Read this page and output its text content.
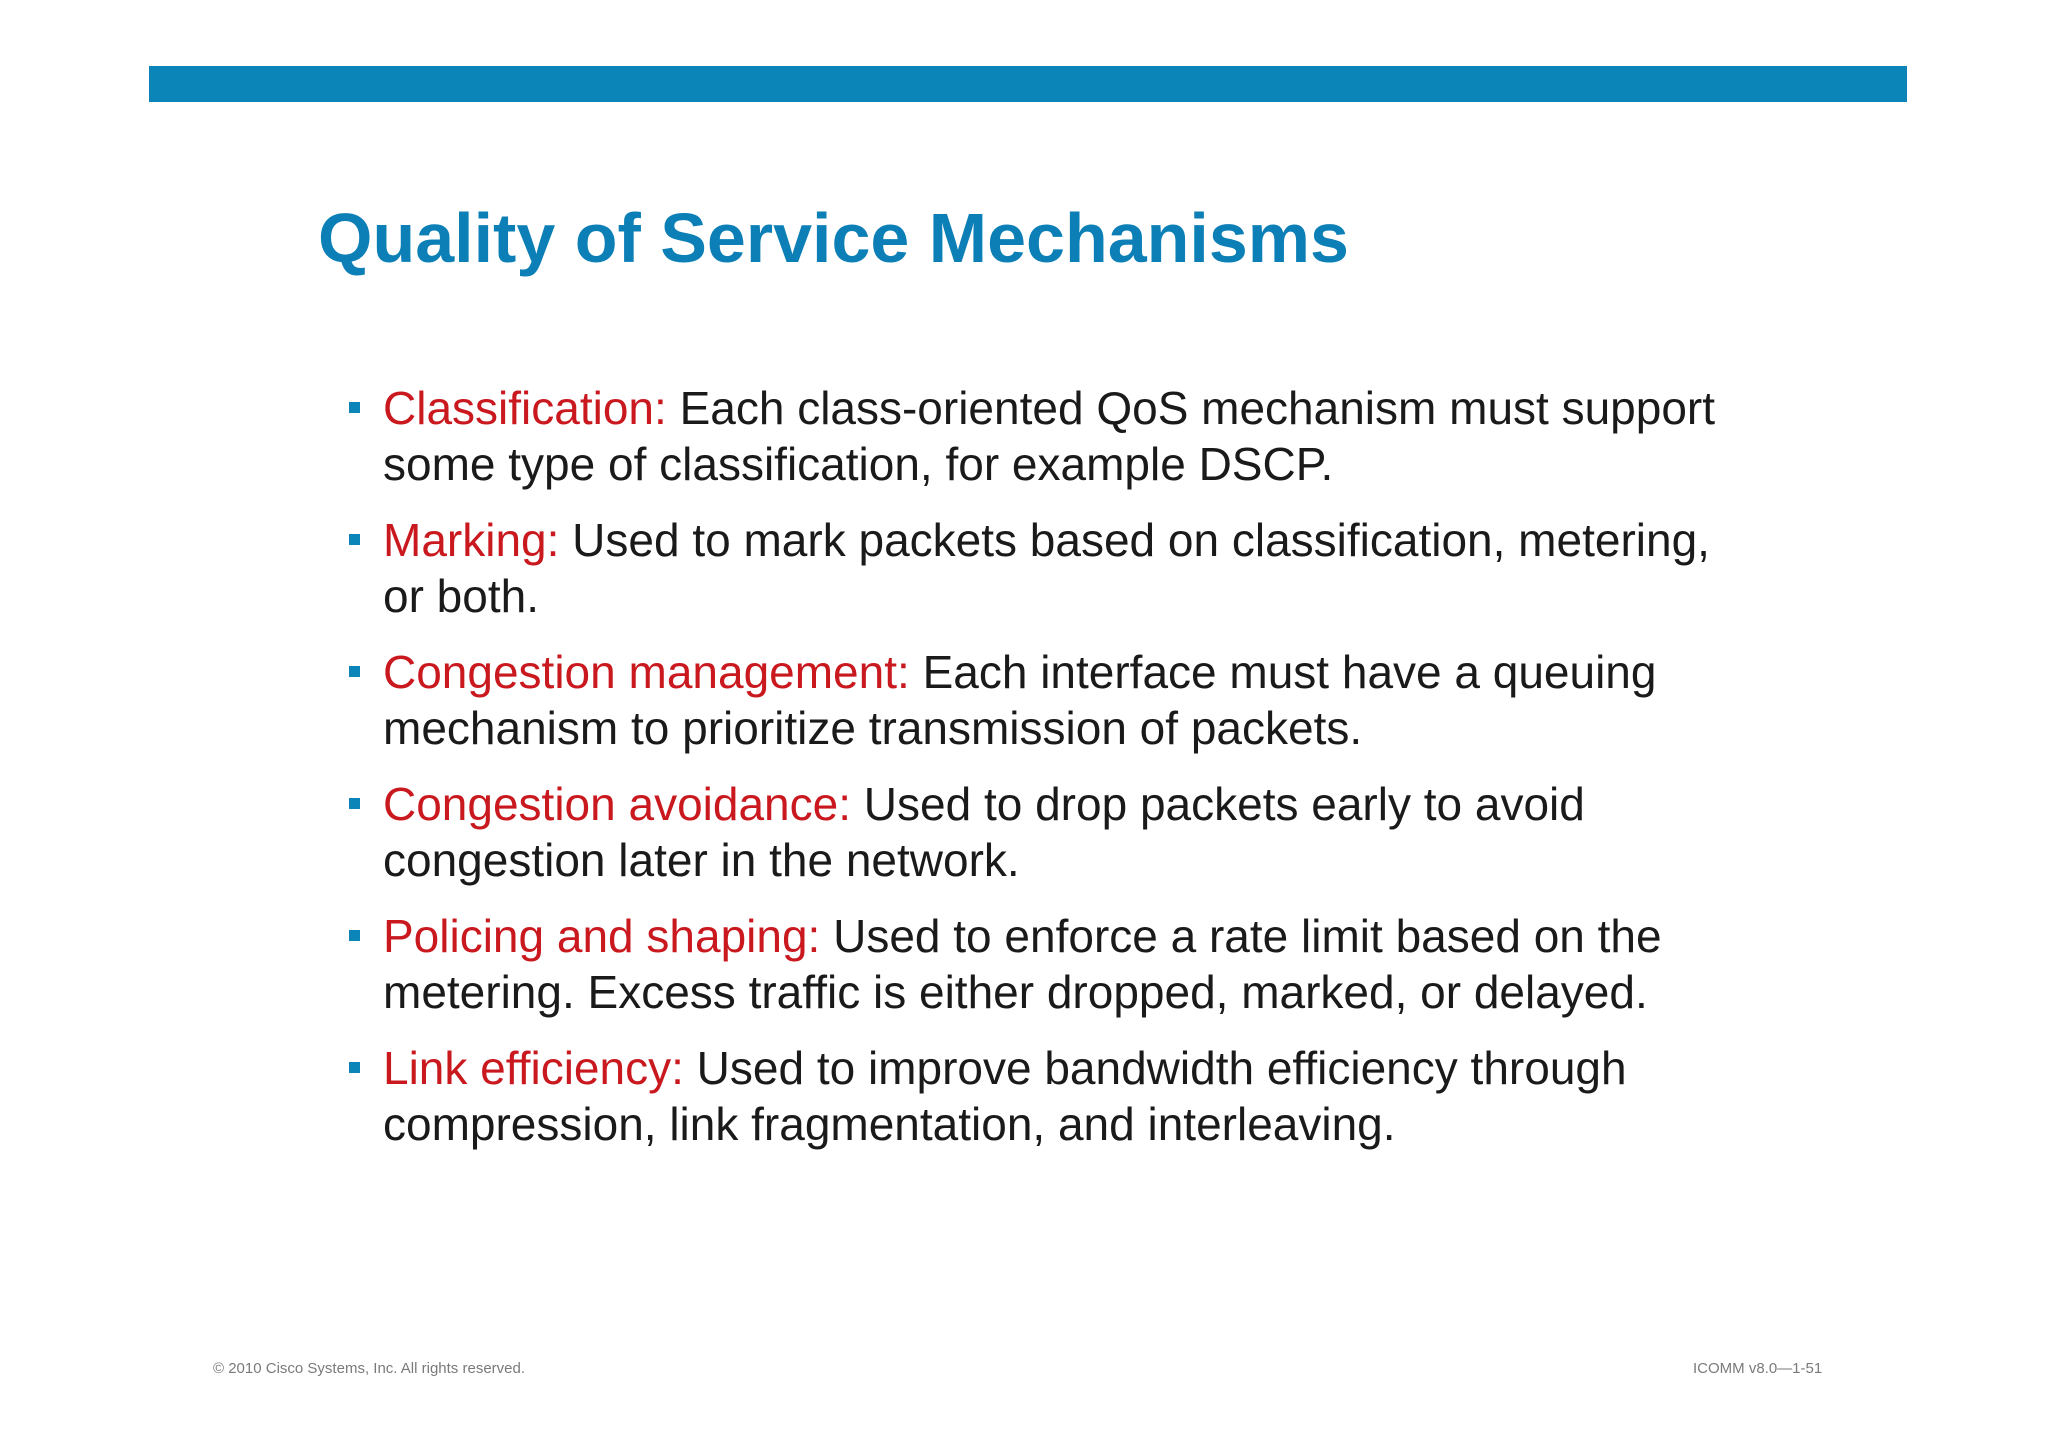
Quality of Service Mechanisms
Classification: Each class-oriented QoS mechanism must support some type of classification, for example DSCP.
Marking: Used to mark packets based on classification, metering, or both.
Congestion management: Each interface must have a queuing mechanism to prioritize transmission of packets.
Congestion avoidance: Used to drop packets early to avoid congestion later in the network.
Policing and shaping: Used to enforce a rate limit based on the metering. Excess traffic is either dropped, marked, or delayed.
Link efficiency: Used to improve bandwidth efficiency through compression, link fragmentation, and interleaving.
© 2010 Cisco Systems, Inc. All rights reserved.	ICOMM v8.0—1-51
